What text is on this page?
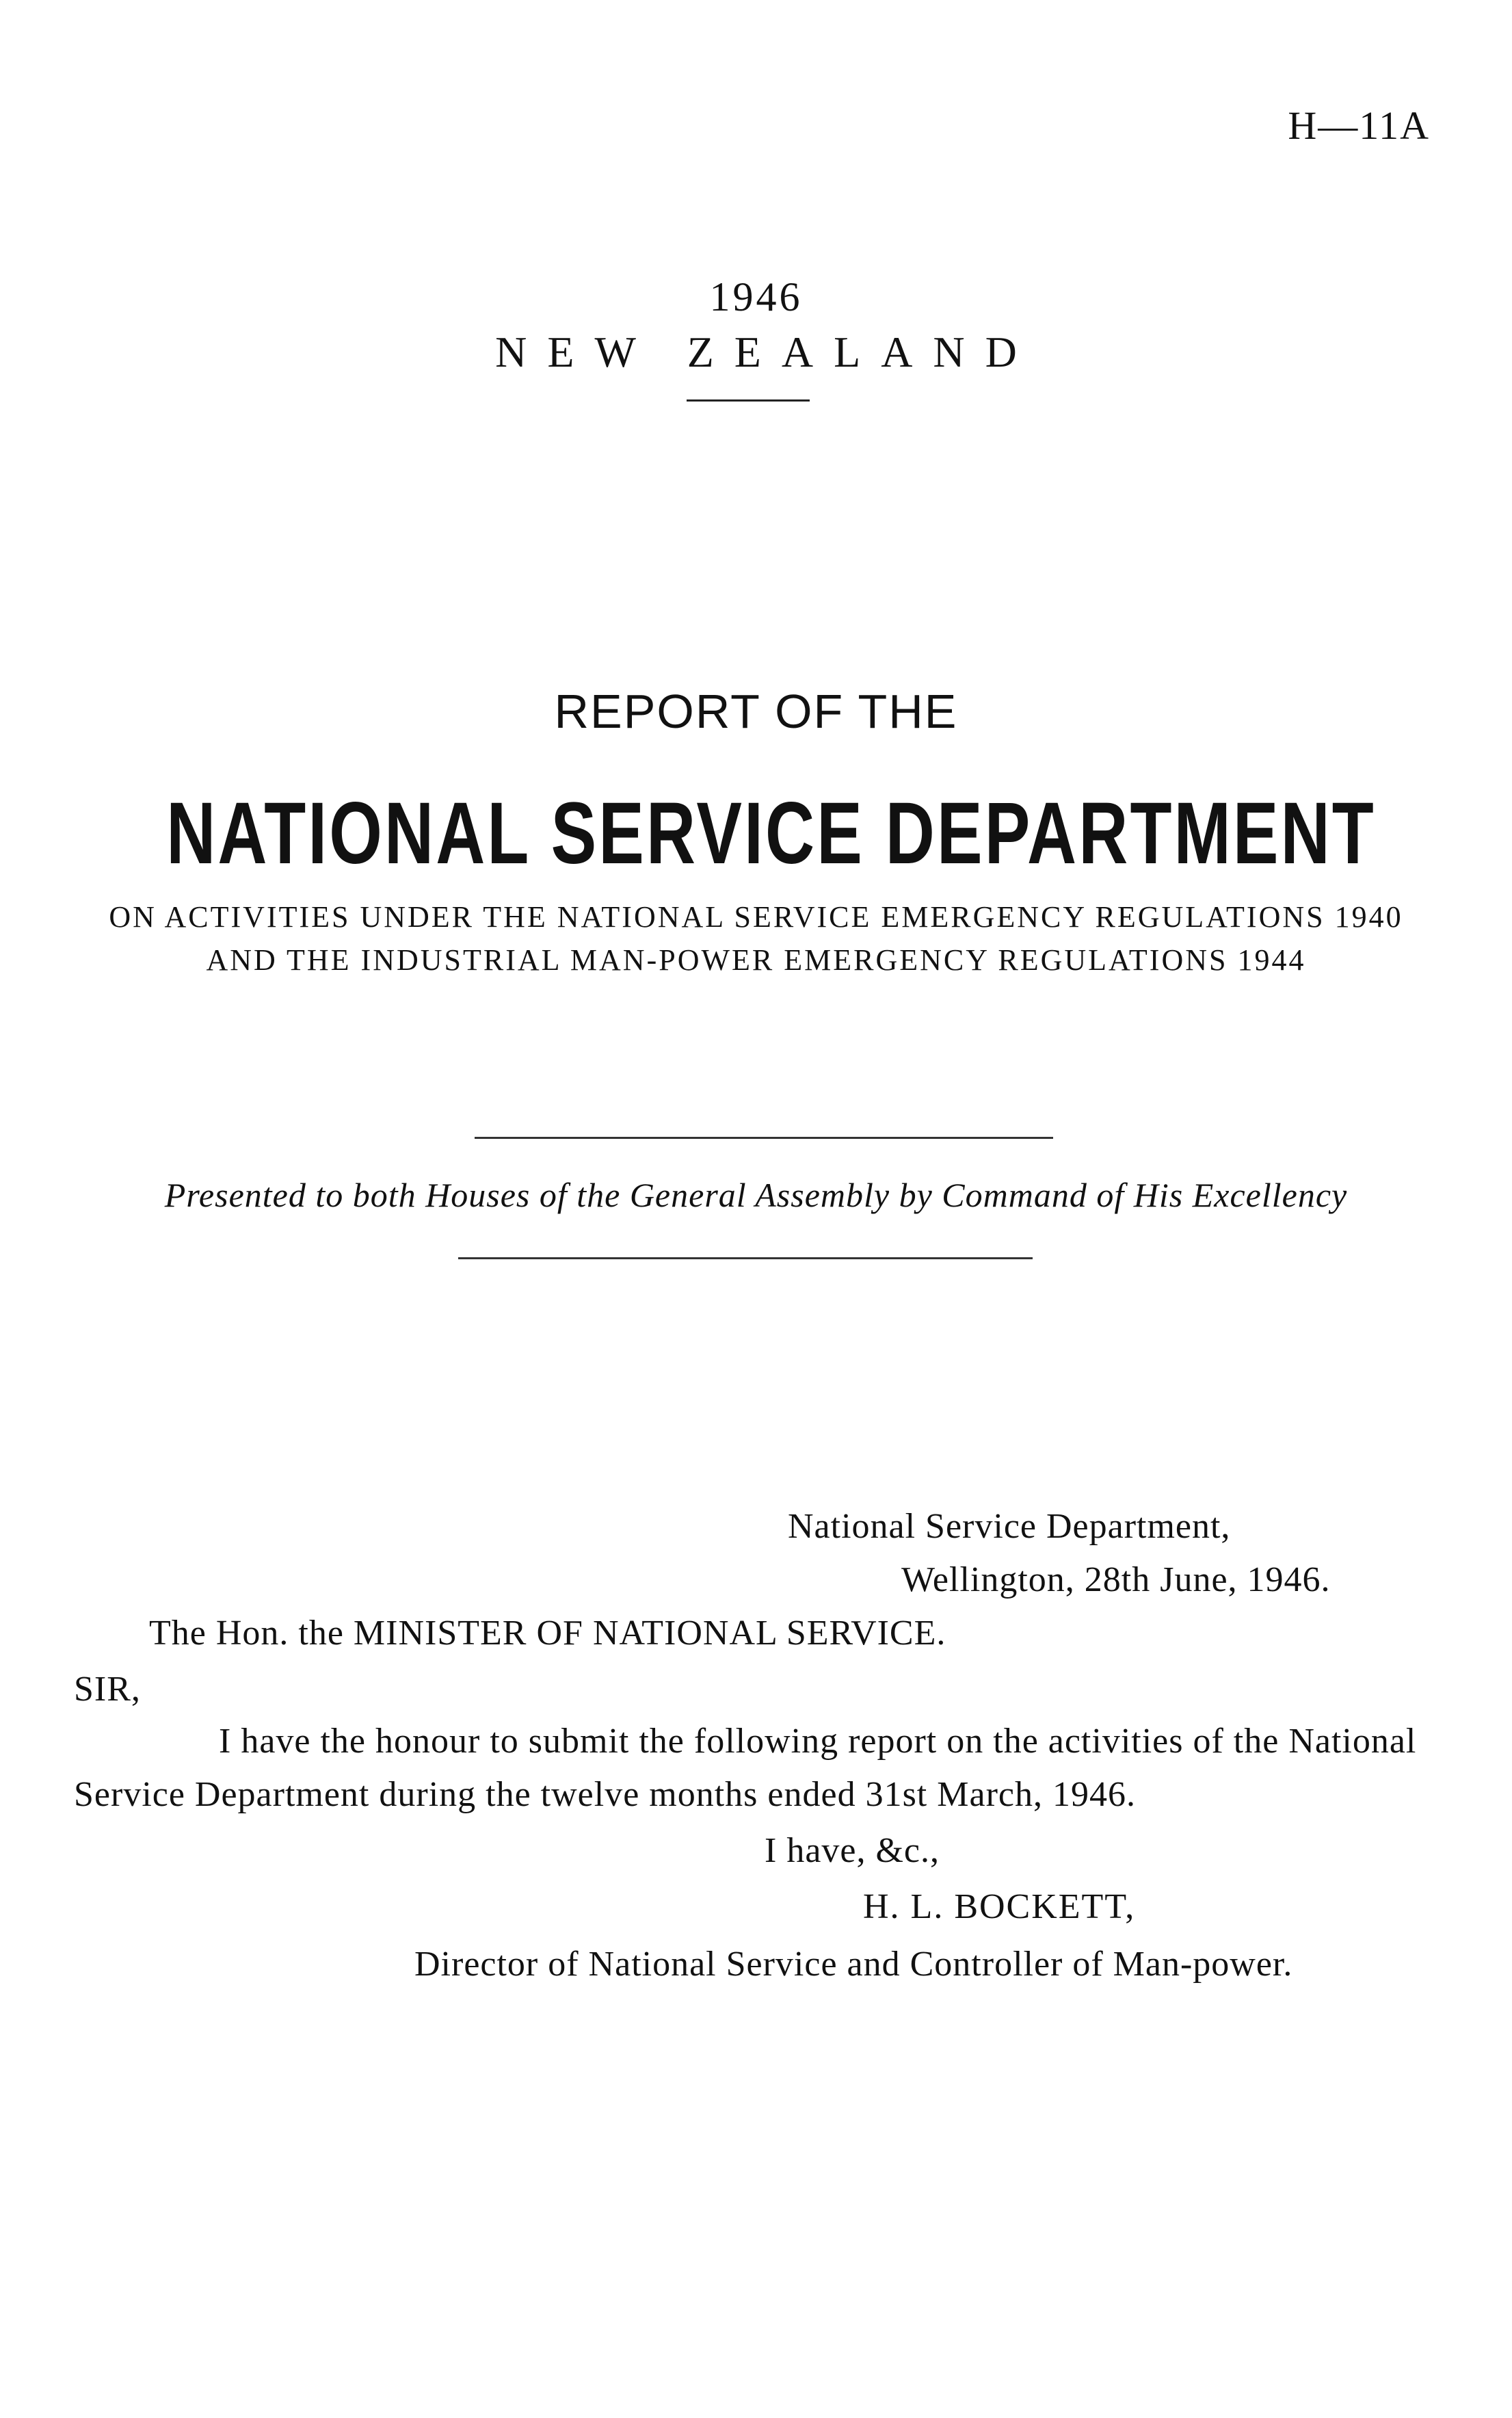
H—11A
1946
NEW ZEALAND
REPORT OF THE
NATIONAL SERVICE DEPARTMENT
ON ACTIVITIES UNDER THE NATIONAL SERVICE EMERGENCY REGULATIONS 1940
AND THE INDUSTRIAL MAN-POWER EMERGENCY REGULATIONS 1944
Presented to both Houses of the General Assembly by Command of His Excellency
National Service Department,
Wellington, 28th June, 1946.
The Hon. the MINISTER OF NATIONAL SERVICE.
SIR,
I have the honour to submit the following report on the activities of the National
Service Department during the twelve months ended 31st March, 1946.
I have, &c.,
H. L. BOCKETT,
Director of National Service and Controller of Man-power.
